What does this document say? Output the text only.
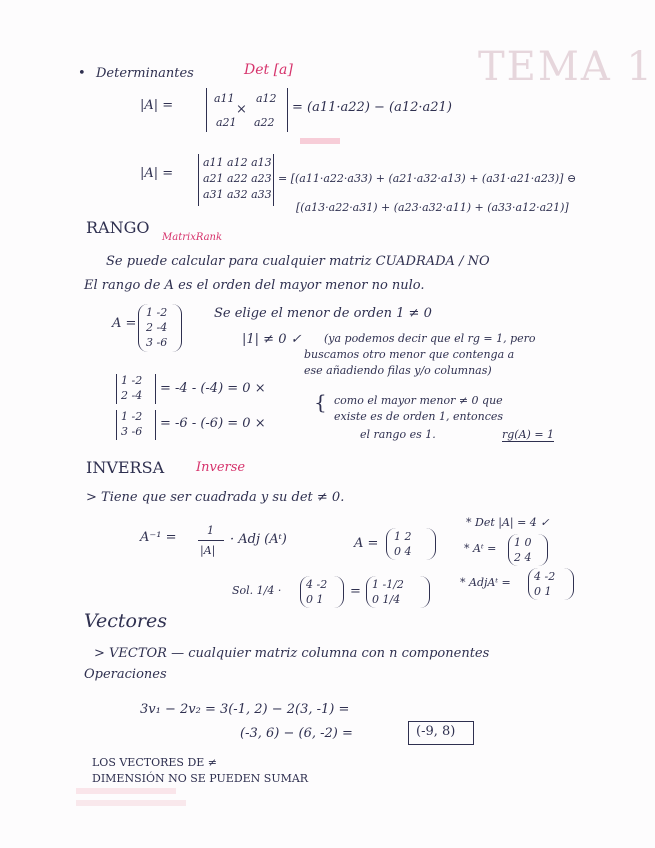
TEMA 1
• Determinantes	Det [a]
|A| =	a11 a12
×
a21 a22
= (a11·a22) − (a12·a21)
|A| =
a11 a12 a13
a21 a22 a23
a31 a32 a33
= [(a11·a22·a33) + (a21·a32·a13) + (a31·a21·a23)] ⊖
[(a13·a22·a31) + (a23·a32·a11) + (a33·a12·a21)]
RANGO
MatrixRank
Se puede calcular para cualquier matriz CUADRADA / NO
El rango de A es el orden del mayor menor no nulo.
A =
1 -2
2 -4
3 -6
Se elige el menor de orden 1 ≠ 0
|1| ≠ 0 ✓ (ya podemos decir que el rg = 1, pero
buscamos otro menor que contenga a
ese añadiendo filas y/o columnas)
1 -2
2 -4 = -4 - (-4) = 0 ×
1 -2
3 -6
= -6 - (-6) = 0 ×
{ como el mayor menor ≠ 0 que
existe es de orden 1, entonces
el rango es 1.	rg(A) = 1
INVERSA Inverse
> Tiene que ser cuadrada y su det ≠ 0.
A⁻¹ =	1
|A|
· Adj (Aᵗ)	A = 1 2
0 4
* Det |A| = 4 ✓
* Aᵗ = 1 0
2 4
* AdjAᵗ = 4 -2
0 1
Sol. 1/4 · 4 -2
0 1
= 1 -1/2
0 1/4
Vectores
> VECTOR — cualquier matriz columna con n componentes
Operaciones
3v₁ − 2v₂ = 3(-1, 2) − 2(3, -1) =
(-3, 6) − (6, -2) =	(-9, 8)
LOS VECTORES DE ≠
DIMENSIÓN NO SE PUEDEN SUMAR
